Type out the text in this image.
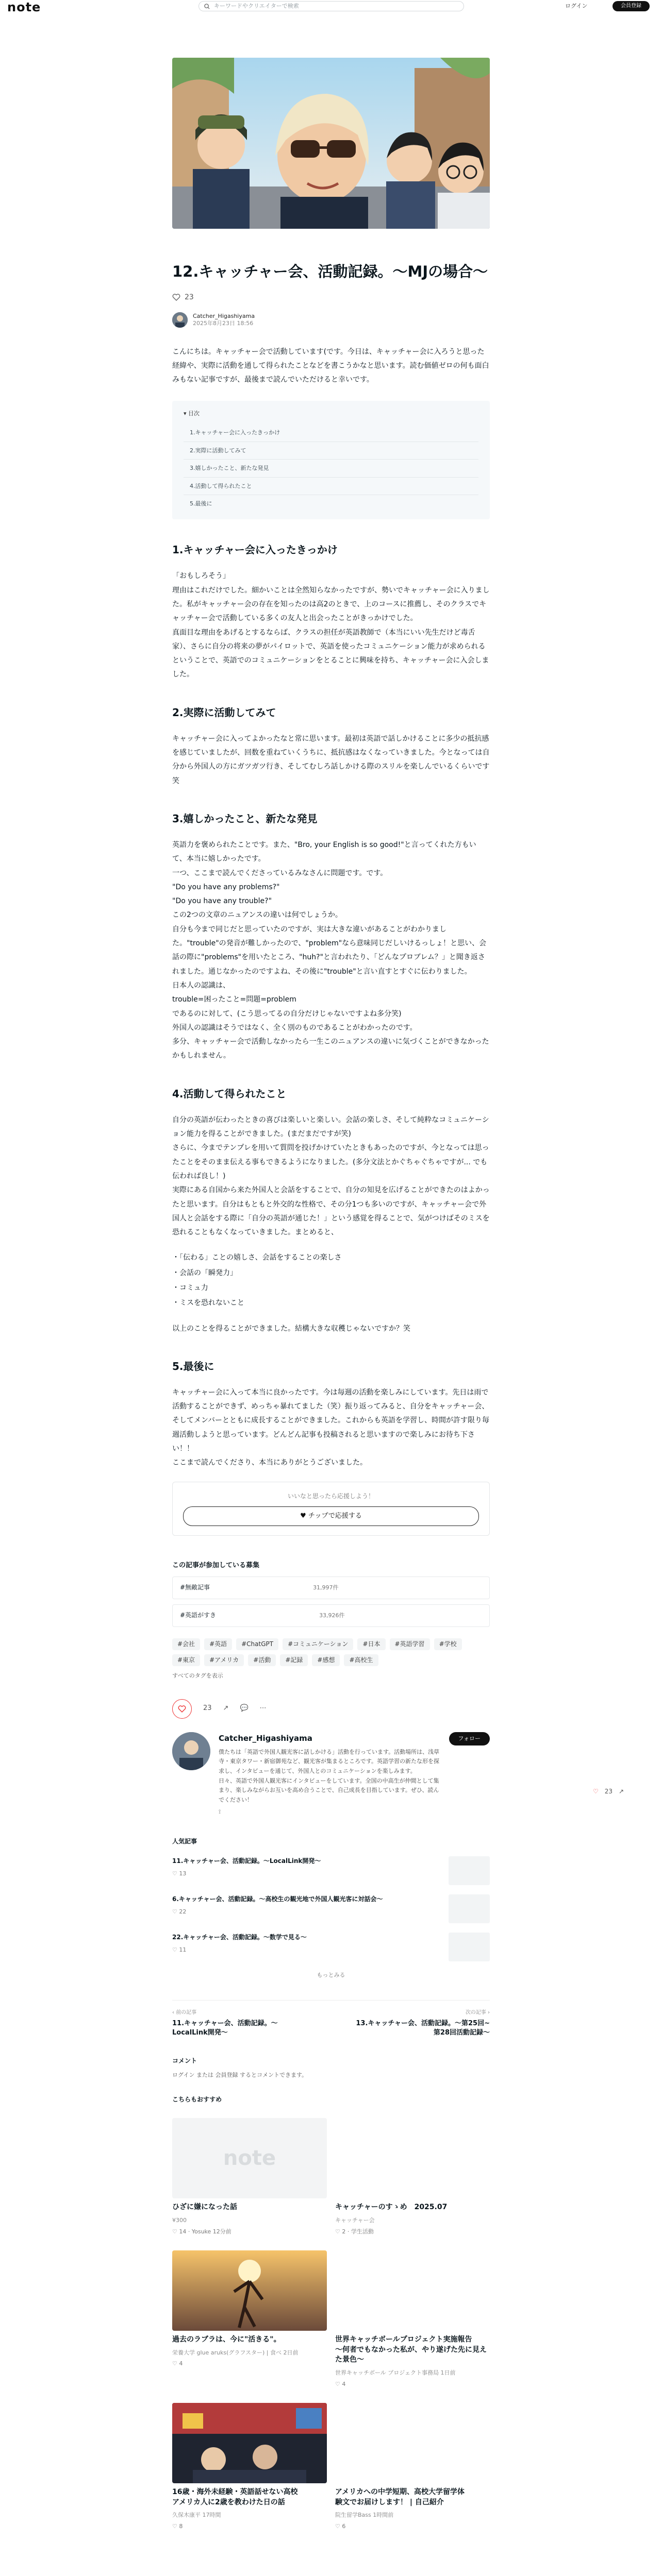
note	キーワードやクリエイターで検索	ログイン	会員登録
12.キャッチャー会、活動記録。～MJの場合～
23
Catcher_Higashiyama
2025年8月23日 18:56

こんにちは。キャッチャー会で活動しています(です。今日は、キャッチャー会に入ろうと思った経緯や、実際に活動を通して得られたことなどを書こうかなと思います。読む価値ゼロの何も面白みもない記事ですが、最後まで読んでいただけると幸いです。

▾ 目次
1.キャッチャー会に入ったきっかけ
2.実際に活動してみて
3.嬉しかったこと、新たな発見
4.活動して得られたこと
5.最後に
1.キャッチャー会に入ったきっかけ

「おもしろそう」
理由はこれだけでした。細かいことは全然知らなかったですが、勢いでキャッチャー会に入りました。私がキャッチャー会の存在を知ったのは高2のときで、上のコースに推薦し、そのクラスでキャッチャー会で活動している多くの友人と出会ったことがきっかけでした。
真面目な理由をあげるとするならば、クラスの担任が英語教師で（本当にいい先生だけど毒舌家）、さらに自分の将来の夢がパイロットで、英語を使ったコミュニケーション能力が求められるということで、英語でのコミュニケーションをとることに興味を持ち、キャッチャー会に入会しました。

2.実際に活動してみて

キャッチャー会に入ってよかったなと常に思います。最初は英語で話しかけることに多少の抵抗感を感じていましたが、回数を重ねていくうちに、抵抗感はなくなっていきました。今となっては自分から外国人の方にガツガツ行き、そしてむしろ話しかける際のスリルを楽しんでいるくらいです笑

3.嬉しかったこと、新たな発見

英語力を褒められたことです。また、"Bro, your English is so good!"と言ってくれた方もいて、本当に嬉しかったです。
一つ、ここまで読んでくださっているみなさんに問題です。です。
"Do you have any problems?"
"Do you have any trouble?"
この2つの文章のニュアンスの違いは何でしょうか。
自分も今まで同じだと思っていたのですが、実は大きな違いがあることがわかりました。"trouble"の発音が難しかったので、"problem"なら意味同じだしいけるっしょ！と思い、会話の際に"problems"を用いたところ、"huh?"と言われたり、「どんなプロブレム？」と聞き返されました。通じなかったのですよね、その後に"trouble"と言い直すとすぐに伝わりました。
日本人の認識は、
trouble=困ったこと=問題=problem
であるのに対して、(こう思ってるの自分だけじゃないですよね多分笑)
外国人の認識はそうではなく、全く別のものであることがわかったのです。
多分、キャッチャー会で活動しなかったら一生このニュアンスの違いに気づくことができなかったかもしれません。

4.活動して得られたこと

自分の英語が伝わったときの喜びは楽しいと楽しい。会話の楽しさ、そして純粋なコミュニケーション能力を得ることができました。(まだまだですが笑)
さらに、今までテンプレを用いて質問を投げかけていたときもあったのですが、今となっては思ったことをそのまま伝える事もできるようになりました。(多分文法とかぐちゃぐちゃですが... でも伝われば良し！)
実際にある自国から来た外国人と会話をすることで、自分の知見を広げることができたのはよかったと思います。自分はもともと外交的な性格で、その分1つも多いのですが、キャッチャー会で外国人と会話をする際に「自分の英語が通じた！」という感覚を得ることで、気がつけばそのミスを恐れることもなくなっていきました。まとめると、

・「伝わる」ことの嬉しさ、会話をすることの楽しさ

・会話の「瞬発力」

・コミュ力

・ミスを恐れないこと

以上のことを得ることができました。結構大きな収穫じゃないですか？笑

5.最後に

キャッチャー会に入って本当に良かったです。今は毎週の活動を楽しみにしています。先日は雨で活動することができず、めっちゃ暴れてました（笑）振り返ってみると、自分をキャッチャー会、そしてメンバーとともに成長することができました。これからも英語を学習し、時間が許す限り毎週活動しようと思っています。どんどん記事も投稿されると思いますので楽しみにお待ち下さい！！
ここまで読んでくださり、本当にありがとうございました。

いいなと思ったら応援しよう！
♥ チップで応援する
この記事が参加している募集
#無敵記事	31,997件
#英語がすき	33,926件
#会社	#英語	#ChatGPT	#コミュニケーション	#日本	#英語学習	#学校
#東京	#アメリカ	#活動	#記録	#感想	#高校生
すべてのタグを表示
23 ↗ 💬 ⋯
Catcher_Higashiyama
僕たちは「英語で外国人観光客に話しかける」活動を行っています。活動場所は、浅草寺・東京タワー・新宿御苑など、観光客が集まるところです。英語学習の新たな形を探求し、インタビューを通じて、外国人とのコミュニケーションを楽しみます。
日々、英語で外国人観光客にインタビューをしています。全国の中高生が仲間として集まり、楽しみながらお互いを高め合うことで、自己成長を目指しています。ぜひ、読んでください！
⟟
フォロー
人気記事
11.キャッチャー会、活動記録。～LocalLink開発～
♡ 13
6.キャッチャー会、活動記録。～高校生の観光地で外国人観光客に対話会～
♡ 22
22.キャッチャー会、活動記録。～数学で見る～
♡ 11
もっとみる
‹ 前の記事
11.キャッチャー会、活動記録。～LocalLink開発～
次の記事 ›
13.キャッチャー会、活動記録。～第25回~第28回活動記録～
コメント
ログイン または 会員登録 するとコメントできます。
こちらもおすすめ
note
ひざに嫌になった話
¥300
♡ 14 · Yosuke 12分前
キャッチャーのすゝめ　2025.07
キャッチャー会
♡ 2 · 学生活動
過去のラブラは、今に"活きる"。
栄養大学 glue aruks(グラフスター) | 食べ 2日前
♡ 4
世界キャッチボールプロジェクト実施報告
～何者でもなかった私が、やり遂げた先に見えた景色～
世界キャッチボール プロジェクト事務局 1日前
♡ 4
16歳・海外未経験・英語話せない高校
アメリカ人に2歳を教わけた日の話
久保木康平 17時間
♡ 8
アメリカへの中学短期、高校大学留学体
験文でお届けします！ | 自己紹介
院生留学Bass 1時間前
♡ 6
♡ 23 ↗
